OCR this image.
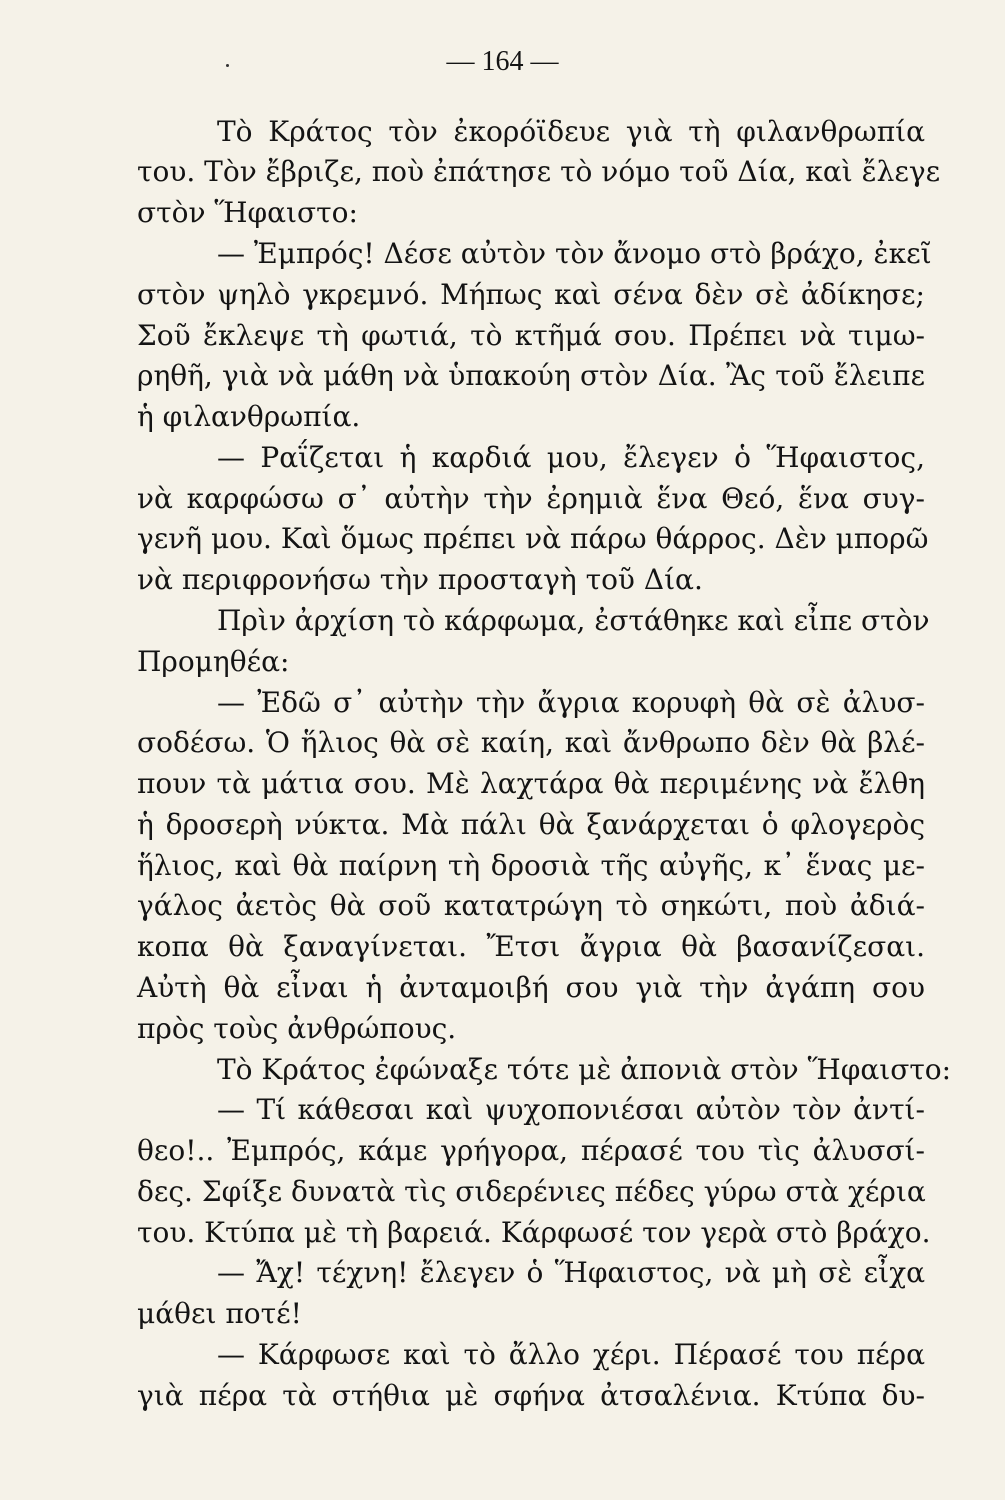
— 164 —
Τὸ Κράτος τὸν ἐκορόϊδευε γιὰ τὴ φιλανθρωπία
του. Τὸν ἔβριζε, ποὺ ἐπάτησε τὸ νόμο τοῦ Δία, καὶ ἔλεγε
στὸν Ἥφαιστο:
— Ἐμπρός! Δέσε αὐτὸν τὸν ἄνομο στὸ βράχο, ἐκεῖ
στὸν ψηλὸ γκρεμνό. Μήπως καὶ σένα δὲν σὲ ἀδίκησε;
Σοῦ ἔκλεψε τὴ φωτιά, τὸ κτῆμά σου. Πρέπει νὰ τιμω-
ρηθῆ, γιὰ νὰ μάθη νὰ ὑπακούη στὸν Δία. Ἂς τοῦ ἔλειπε
ἡ φιλανθρωπία.
— Ραΐζεται ἡ καρδιά μου, ἔλεγεν ὁ Ἥφαιστος,
νὰ καρφώσω σ᾽ αὐτὴν τὴν ἐρημιὰ ἕνα Θεό, ἕνα συγ-
γενῆ μου. Καὶ ὅμως πρέπει νὰ πάρω θάρρος. Δὲν μπορῶ
νὰ περιφρονήσω τὴν προσταγὴ τοῦ Δία.
Πρὶν ἀρχίση τὸ κάρφωμα, ἐστάθηκε καὶ εἶπε στὸν
Προμηθέα:
— Ἐδῶ σ᾽ αὐτὴν τὴν ἄγρια κορυφὴ θὰ σὲ ἀλυσ-
σοδέσω. Ὁ ἥλιος θὰ σὲ καίη, καὶ ἄνθρωπο δὲν θὰ βλέ-
πουν τὰ μάτια σου. Μὲ λαχτάρα θὰ περιμένης νὰ ἔλθη
ἡ δροσερὴ νύκτα. Μὰ πάλι θὰ ξανάρχεται ὁ φλογερὸς
ἥλιος, καὶ θὰ παίρνη τὴ δροσιὰ τῆς αὐγῆς, κ᾽ ἕνας με-
γάλος ἀετὸς θὰ σοῦ κατατρώγη τὸ σηκώτι, ποὺ ἀδιά-
κοπα θὰ ξαναγίνεται. Ἔτσι ἄγρια θὰ βασανίζεσαι.
Αὐτὴ θὰ εἶναι ἡ ἀνταμοιβή σου γιὰ τὴν ἀγάπη σου
πρὸς τοὺς ἀνθρώπους.
Τὸ Κράτος ἐφώναξε τότε μὲ ἀπονιὰ στὸν Ἥφαιστο:
— Τί κάθεσαι καὶ ψυχοπονιέσαι αὐτὸν τὸν ἀντί-
θεο!.. Ἐμπρός, κάμε γρήγορα, πέρασέ του τὶς ἀλυσσί-
δες. Σφίξε δυνατὰ τὶς σιδερένιες πέδες γύρω στὰ χέρια
του. Κτύπα μὲ τὴ βαρειά. Κάρφωσέ τον γερὰ στὸ βράχο.
— Ἄχ! τέχνη! ἔλεγεν ὁ Ἥφαιστος, νὰ μὴ σὲ εἶχα
μάθει ποτέ!
— Κάρφωσε καὶ τὸ ἄλλο χέρι. Πέρασέ του πέρα
γιὰ πέρα τὰ στήθια μὲ σφήνα ἀτσαλένια. Κτύπα δυ-
